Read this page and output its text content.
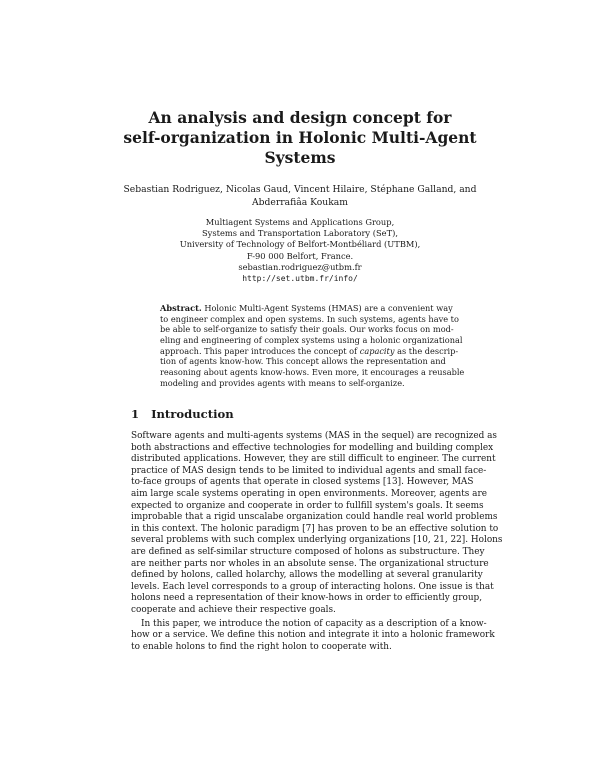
An analysis and design concept for
self-organization in Holonic Multi-Agent
Systems
Sebastian Rodriguez, Nicolas Gaud, Vincent Hilaire, Stéphane Galland, and
Abderrafiâa Koukam
Multiagent Systems and Applications Group,
Systems and Transportation Laboratory (SeT),
University of Technology of Belfort-Montbéliard (UTBM),
F-90 000 Belfort, France.
sebastian.rodriguez@utbm.fr
http://set.utbm.fr/info/
Abstract. Holonic Multi-Agent Systems (HMAS) are a convenient way
to engineer complex and open systems. In such systems, agents have to
be able to self-organize to satisfy their goals. Our works focus on mod-
eling and engineering of complex systems using a holonic organizational
approach. This paper introduces the concept of capacity as the descrip-
tion of agents know-how. This concept allows the representation and
reasoning about agents know-hows. Even more, it encourages a reusable
modeling and provides agents with means to self-organize.
1 Introduction
Software agents and multi-agents systems (MAS in the sequel) are recognized as
both abstractions and effective technologies for modelling and building complex
distributed applications. However, they are still difficult to engineer. The current
practice of MAS design tends to be limited to individual agents and small face-
to-face groups of agents that operate in closed systems [13]. However, MAS
aim large scale systems operating in open environments. Moreover, agents are
expected to organize and cooperate in order to fullfill system's goals. It seems
improbable that a rigid unscalabe organization could handle real world problems
in this context. The holonic paradigm [7] has proven to be an effective solution to
several problems with such complex underlying organizations [10, 21, 22]. Holons
are defined as self-similar structure composed of holons as substructure. They
are neither parts nor wholes in an absolute sense. The organizational structure
defined by holons, called holarchy, allows the modelling at several granularity
levels. Each level corresponds to a group of interacting holons. One issue is that
holons need a representation of their know-hows in order to efficiently group,
cooperate and achieve their respective goals.
In this paper, we introduce the notion of capacity as a description of a know-
how or a service. We define this notion and integrate it into a holonic framework
to enable holons to find the right holon to cooperate with.
